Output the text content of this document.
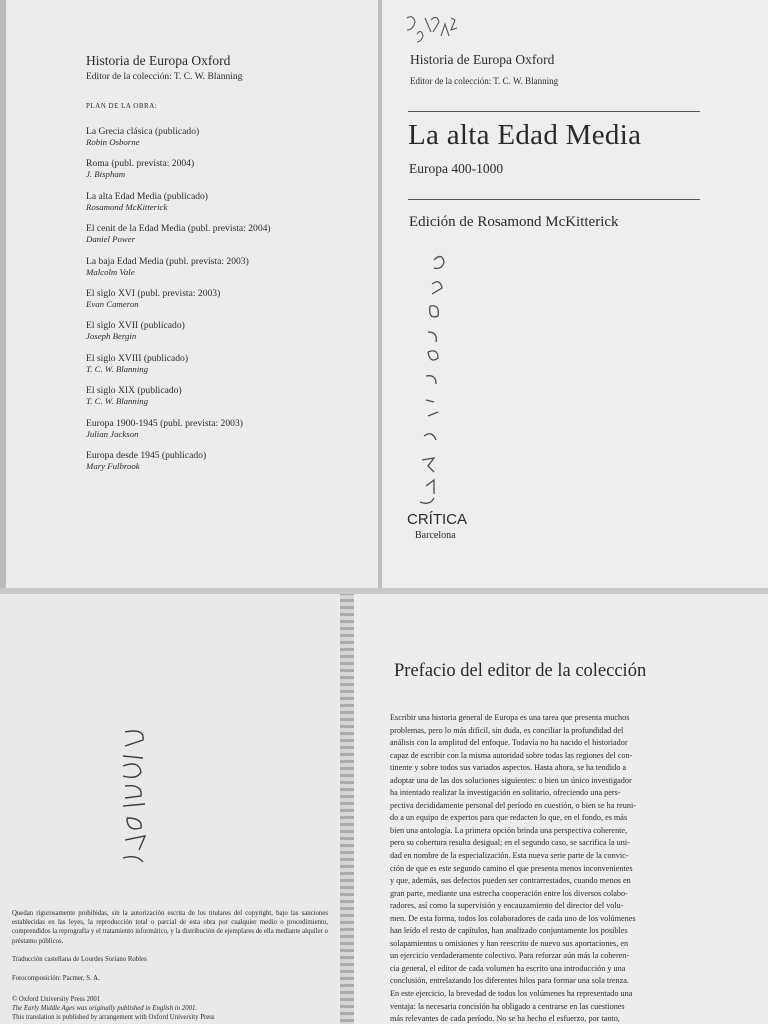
Historia de Europa Oxford
Editor de la colección: T. C. W. Blanning
PLAN DE LA OBRA:
La Grecia clásica (publicado)
Robin Osborne
Roma (publ. prevista: 2004)
J. Bispham
La alta Edad Media (publicado)
Rosamond McKitterick
El cenit de la Edad Media (publ. prevista: 2004)
Daniel Power
La baja Edad Media (publ. prevista: 2003)
Malcolm Vale
El siglo XVI (publ. prevista: 2003)
Evan Cameron
El siglo XVII (publicado)
Joseph Bergin
El siglo XVIII (publicado)
T. C. W. Blanning
El siglo XIX (publicado)
T. C. W. Blanning
Europa 1900-1945 (publ. prevista: 2003)
Julian Jackson
Europa desde 1945 (publicado)
Mary Fulbrook
Historia de Europa Oxford
Editor de la colección: T. C. W. Blanning
La alta Edad Media
Europa 400-1000
Edición de Rosamond McKitterick
CRÍTICA
Barcelona
Quedan rigurosamente prohibidas, sin la autorización escrita de los titulares del copyright, bajo las sanciones establecidas en las leyes, la reproducción total o parcial de esta obra por cualquier medio o procedimiento, comprendidos la reprografía y el tratamiento informático, y la distribución de ejemplares de ella mediante alquiler o préstamo públicos.
Traducción castellana de Lourdes Soriano Robles
Fotocomposición: Pacmer, S. A.
© Oxford University Press 2001
The Early Middle Ages was originally published in English in 2001.
This translation is published by arrangement with Oxford University Press
Prefacio del editor de la colección
Escribir una historia general de Europa es una tarea que presenta muchos
problemas, pero lo más difícil, sin duda, es conciliar la profundidad del
análisis con la amplitud del enfoque. Todavía no ha nacido el historiador
capaz de escribir con la misma autoridad sobre todas las regiones del con-
tinente y sobre todos sus variados aspectos. Hasta ahora, se ha tendido a
adoptar una de las dos soluciones siguientes: o bien un único investigador
ha intentado realizar la investigación en solitario, ofreciendo una pers-
pectiva decididamente personal del período en cuestión, o bien se ha reuni-
do a un equipo de expertos para que redacten lo que, en el fondo, es más
bien una antología. La primera opción brinda una perspectiva coherente,
pero su cobertura resulta desigual; en el segundo caso, se sacrifica la uni-
dad en nombre de la especialización. Esta nueva serie parte de la convic-
ción de que es este segundo camino el que presenta menos inconvenientes
y que, además, sus defectos pueden ser contrarrestados, cuando menos en
gran parte, mediante una estrecha cooperación entre los diversos colabo-
radores, así como la supervisión y encauzamiento del director del volu-
men. De esta forma, todos los colaboradores de cada uno de los volúmenes
han leído el resto de capítulos, han analizado conjuntamente los posibles
solapamientos u omisiones y han reescrito de nuevo sus aportaciones, en
un ejercicio verdaderamente colectivo. Para reforzar aún más la coheren-
cia general, el editor de cada volumen ha escrito una introducción y una
conclusión, entrelazando los diferentes hilos para formar una sola trenza.
En este ejercicio, la brevedad de todos los volúmenes ha representado una
ventaja: la necesaria concisión ha obligado a centrarse en las cuestiones
más relevantes de cada período. No se ha hecho el esfuerzo, por tanto,
